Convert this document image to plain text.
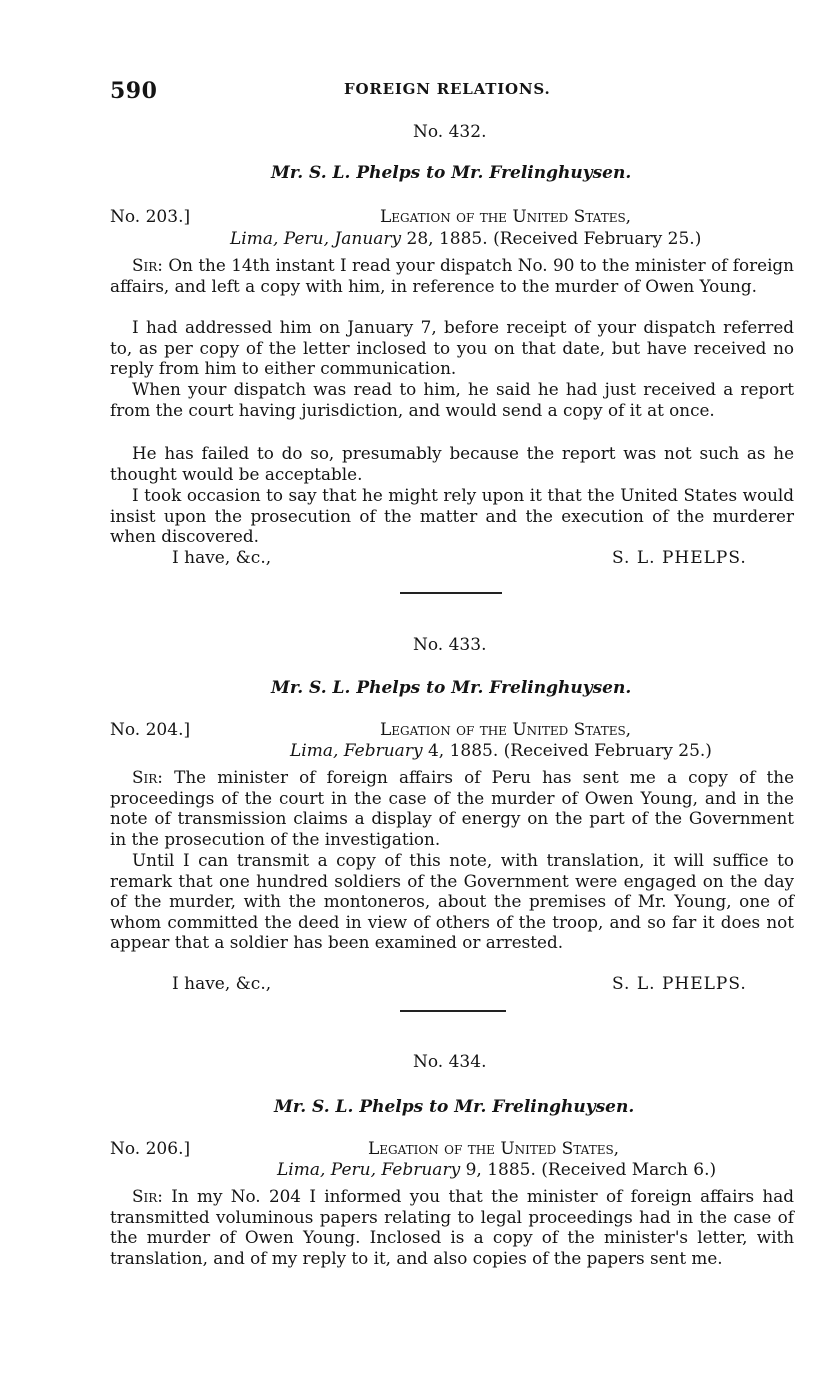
590	FOREIGN RELATIONS.
No. 432.
Mr. S. L. Phelps to Mr. Frelinghuysen.
No. 203.]	Legation of the United States,
Lima, Peru, January 28, 1885. (Received February 25.)
Sir: On the 14th instant I read your dispatch No. 90 to the minister of foreign affairs, and left a copy with him, in reference to the murder of Owen Young.
I had addressed him on January 7, before receipt of your dispatch referred to, as per copy of the letter inclosed to you on that date, but have received no reply from him to either communication.
When your dispatch was read to him, he said he had just received a report from the court having jurisdiction, and would send a copy of it at once.
He has failed to do so, presumably because the report was not such as he thought would be acceptable.
I took occasion to say that he might rely upon it that the United States would insist upon the prosecution of the matter and the execution of the murderer when discovered.
I have, &c.,	S. L. PHELPS.
No. 433.
Mr. S. L. Phelps to Mr. Frelinghuysen.
No. 204.]	Legation of the United States,
Lima, February 4, 1885. (Received February 25.)
Sir: The minister of foreign affairs of Peru has sent me a copy of the proceedings of the court in the case of the murder of Owen Young, and in the note of transmission claims a display of energy on the part of the Government in the prosecution of the investigation.
Until I can transmit a copy of this note, with translation, it will suffice to remark that one hundred soldiers of the Government were engaged on the day of the murder, with the montoneros, about the premises of Mr. Young, one of whom committed the deed in view of others of the troop, and so far it does not appear that a soldier has been examined or arrested.
I have, &c.,	S. L. PHELPS.
No. 434.
Mr. S. L. Phelps to Mr. Frelinghuysen.
No. 206.]	Legation of the United States,
Lima, Peru, February 9, 1885. (Received March 6.)
Sir: In my No. 204 I informed you that the minister of foreign affairs had transmitted voluminous papers relating to legal proceedings had in the case of the murder of Owen Young. Inclosed is a copy of the minister's letter, with translation, and of my reply to it, and also copies of the papers sent me.
